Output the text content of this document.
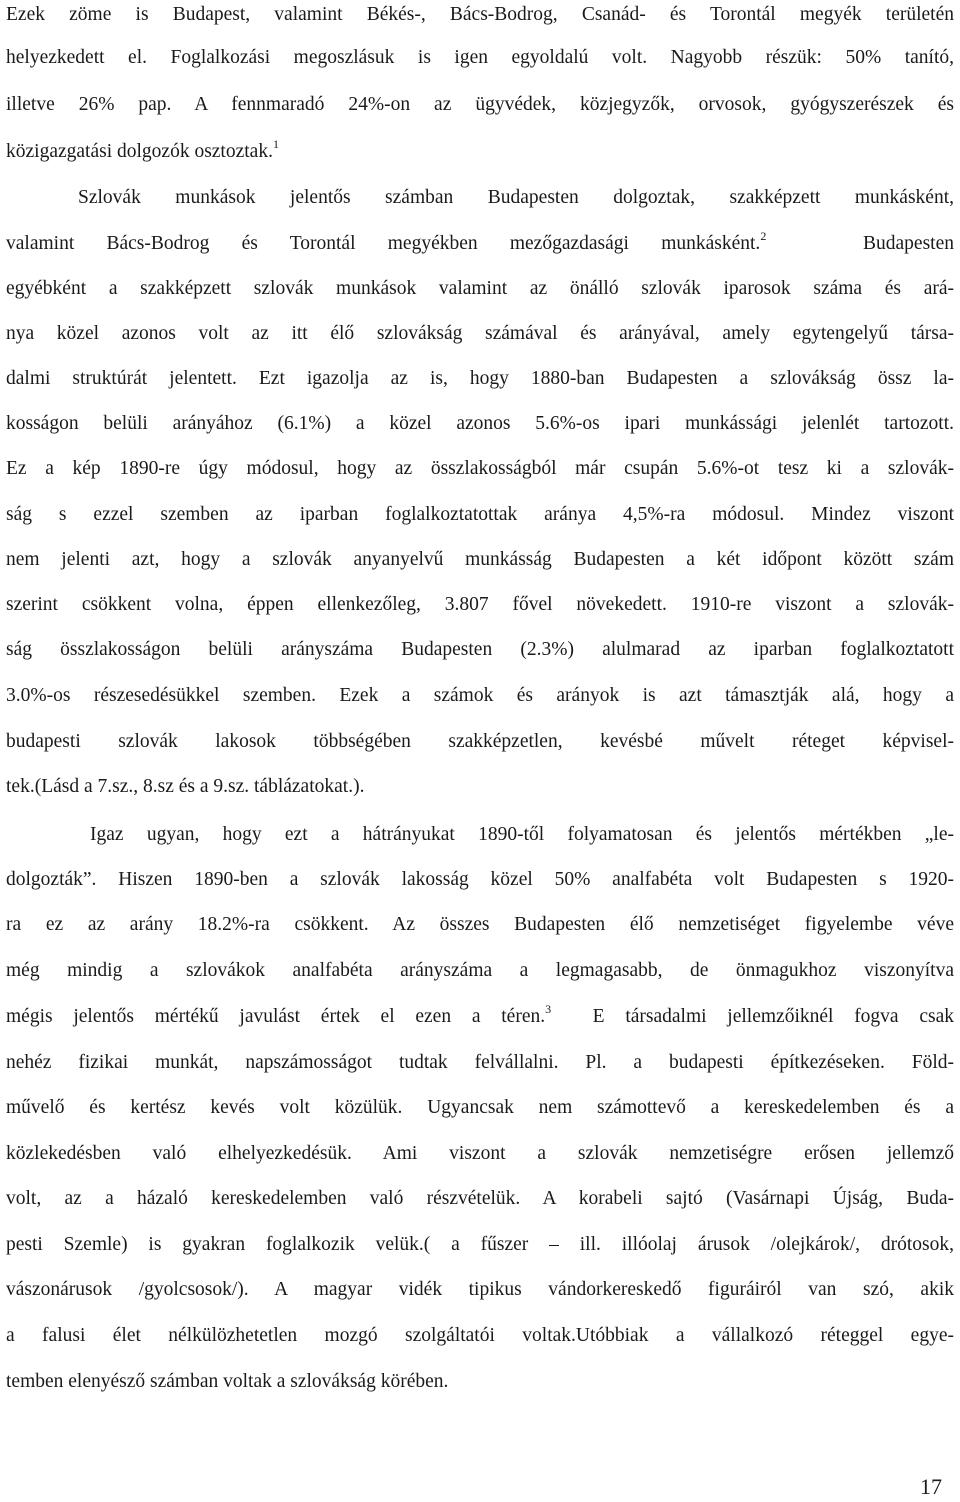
Ezek zöme is Budapest, valamint Békés-, Bács-Bodrog, Csanád- és Torontál megyék területén
helyezkedett el. Foglalkozási megoszlásuk is igen egyoldalú volt. Nagyobb részük: 50% tanító,
illetve 26% pap. A fennmaradó 24%-on az ügyvédek, közjegyzők, orvosok, gyógyszerészek és
közigazgatási dolgozók osztoztak.$^1$
Szlovák munkások jelentős számban Budapesten dolgoztak, szakképzett munkásként,
valamint Bács-Bodrog és Torontál megyékben mezőgazdasági munkásként.$^2$	Budapesten
egyébként a szakképzett szlovák munkások valamint az önálló szlovák iparosok száma és ará-
nya közel azonos volt az itt élő szlovákság számával és arányával, amely egytengelyű társa-
dalmi struktúrát jelentett. Ezt igazolja az is, hogy 1880-ban Budapesten a szlovákság össz la-
kosságon belüli arányához (6.1%) a közel azonos 5.6%-os ipari munkássági jelenlét tartozott.
Ez a kép 1890-re úgy módosul, hogy az összlakosságból már csupán 5.6%-ot tesz ki a szlovák-
ság s ezzel szemben az iparban foglalkoztatottak aránya 4,5%-ra módosul. Mindez viszont
nem jelenti azt, hogy a szlovák anyanyelvű munkásság Budapesten a két időpont között szám
szerint csökkent volna, éppen ellenkezőleg, 3.807 fővel növekedett. 1910-re viszont a szlovák-
ság összlakosságon belüli arányszáma Budapesten (2.3%) alulmarad az iparban foglalkoztatott
3.0%-os részesedésükkel szemben. Ezek a számok és arányok is azt támasztják alá, hogy a
budapesti szlovák lakosok többségében szakképzetlen, kevésbé művelt réteget képvisel-
tek.(Lásd a 7.sz., 8.sz és a 9.sz. táblázatokat.).
Igaz ugyan, hogy ezt a hátrányukat 1890-től folyamatosan és jelentős mértékben „le-
dolgozták”. Hiszen 1890-ben a szlovák lakosság közel 50% analfabéta volt Budapesten s 1920-
ra ez az arány 18.2%-ra csökkent. Az összes Budapesten élő nemzetiséget figyelembe véve
még mindig a szlovákok analfabéta arányszáma a legmagasabb, de önmagukhoz viszonyítva
mégis jelentős mértékű javulást értek el ezen a téren.$^3$ E társadalmi jellemzőiknél fogva csak
nehéz fizikai munkát, napszámosságot tudtak felvállalni. Pl. a budapesti építkezéseken. Föld-
művelő és kertész kevés volt közülük. Ugyancsak nem számottevő a kereskedelemben és a
közlekedésben való elhelyezkedésük. Ami viszont a szlovák nemzetiségre erősen jellemző
volt, az a házaló kereskedelemben való részvételük. A korabeli sajtó (Vasárnapi Újság, Buda-
pesti Szemle) is gyakran foglalkozik velük.( a fűszer – ill. illóolaj árusok /olejkárok/, drótosok,
vászonárusok /gyolcsosok/). A magyar vidék tipikus vándorkereskedő figuráiról van szó, akik
a falusi élet nélkülözhetetlen mozgó szolgáltatói voltak.Utóbbiak a vállalkozó réteggel egye-
temben elenyésző számban voltak a szlovákság körében.
17
